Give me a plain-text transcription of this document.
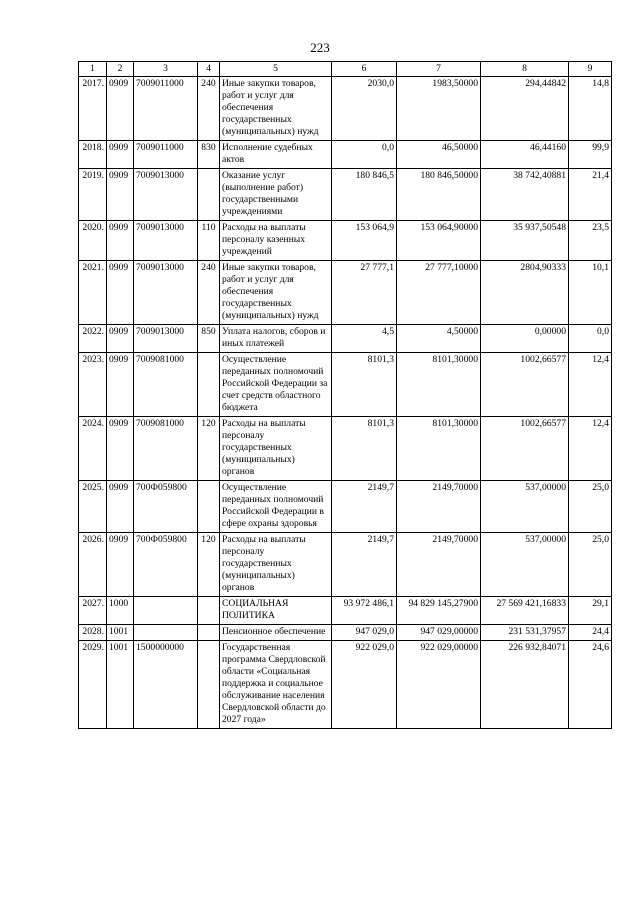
223
1	2	3	4	5	6	7	8	9
2017.	0909	7009011000	240	Иные закупки товаров, работ и услуг для обеспечения государственных (муниципальных) нужд	2030,0	1983,50000	294,44842	14,8
2018.	0909	7009011000	830	Исполнение судебных актов	0,0	46,50000	46,44160	99,9
2019.	0909	7009013000		Оказание услуг (выполнение работ) государственными учреждениями	180 846,5	180 846,50000	38 742,40881	21,4
2020.	0909	7009013000	110	Расходы на выплаты персоналу казенных учреждений	153 064,9	153 064,90000	35 937,50548	23,5
2021.	0909	7009013000	240	Иные закупки товаров, работ и услуг для обеспечения государственных (муниципальных) нужд	27 777,1	27 777,10000	2804,90333	10,1
2022.	0909	7009013000	850	Уплата налогов, сборов и иных платежей	4,5	4,50000	0,00000	0,0
2023.	0909	7009081000		Осуществление переданных полномочий Российской Федерации за счет средств областного бюджета	8101,3	8101,30000	1002,66577	12,4
2024.	0909	7009081000	120	Расходы на выплаты персоналу государственных (муниципальных) органов	8101,3	8101,30000	1002,66577	12,4
2025.	0909	700Ф059800		Осуществление переданных полномочий Российской Федерации в сфере охраны здоровья	2149,7	2149,70000	537,00000	25,0
2026.	0909	700Ф059800	120	Расходы на выплаты персоналу государственных (муниципальных) органов	2149,7	2149,70000	537,00000	25,0
2027.	1000			СОЦИАЛЬНАЯ ПОЛИТИКА	93 972 486,1	94 829 145,27900	27 569 421,16833	29,1
2028.	1001			Пенсионное обеспечение	947 029,0	947 029,00000	231 531,37957	24,4
2029.	1001	1500000000		Государственная программа Свердловской области «Социальная поддержка и социальное обслуживание населения Свердловской области до 2027 года»	922 029,0	922 029,00000	226 932,84071	24,6
